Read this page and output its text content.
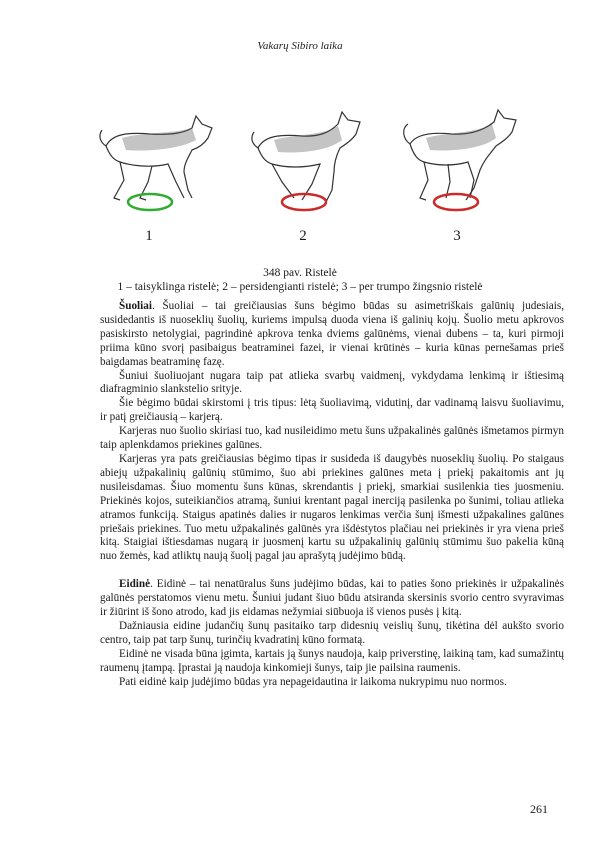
Vakarų Sibiro laika
1	2	3
348 pav. Ristelė
1 – taisyklinga ristelė; 2 – persidengianti ristelė; 3 – per trumpo žingsnio ristelė

Šuoliai. Šuoliai – tai greičiausias šuns bėgimo būdas su asimetriškais galūnių judesiais, susidedantis iš nuoseklių šuolių, kuriems impulsą duoda viena iš galinių kojų. Šuolio metu apkrovos pasiskirsto netolygiai, pagrindinė apkrova tenka dviems galūnėms, vienai dubens – ta, kuri pirmoji priima kūno svorį pasibaigus beatraminei fazei, ir vienai krūtinės – kuria kūnas pernešamas prieš baigdamas beatraminę fazę.

Šuniui šuoliuojant nugara taip pat atlieka svarbų vaidmenį, vykdydama lenkimą ir ištiesimą diafragminio slankstelio srityje.

Šie bėgimo būdai skirstomi į tris tipus: lėtą šuoliavimą, vidutinį, dar vadinamą laisvu šuoliavimu, ir patį greičiausią – karjerą.

Karjeras nuo šuolio skiriasi tuo, kad nusileidimo metu šuns užpakalinės galūnės išmetamos pirmyn taip aplenkdamos priekines galūnes.

Karjeras yra pats greičiausias bėgimo tipas ir susideda iš daugybės nuoseklių šuolių. Po staigaus abiejų užpakalinių galūnių stūmimo, šuo abi priekines galūnes meta į priekį pakaitomis ant jų nusileisdamas. Šiuo momentu šuns kūnas, skrendantis į priekį, smarkiai susilenkia ties juosmeniu. Priekinės kojos, suteikiančios atramą, šuniui krentant pagal inerciją pasilenka po šunimi, toliau atlieka atramos funkciją. Staigus apatinės dalies ir nugaros lenkimas verčia šunį išmesti užpakalines galūnes priešais priekines. Tuo metu užpakalinės galūnės yra išdėstytos plačiau nei priekinės ir yra viena prieš kitą. Staigiai ištiesdamas nugarą ir juosmenį kartu su užpakalinių galūnių stūmimu šuo pakelia kūną nuo žemės, kad atliktų naują šuolį pagal jau aprašytą judėjimo būdą.

Eidinė. Eidinė – tai nenatūralus šuns judėjimo būdas, kai to paties šono priekinės ir užpakalinės galūnės perstatomos vienu metu. Šuniui judant šiuo būdu atsiranda skersinis svorio centro svyravimas ir žiūrint iš šono atrodo, kad jis eidamas nežymiai siūbuoja iš vienos pusės į kitą.

Dažniausia eidine judančių šunų pasitaiko tarp didesnių veislių šunų, tikėtina dėl aukšto svorio centro, taip pat tarp šunų, turinčių kvadratinį kūno formatą.

Eidinė ne visada būna įgimta, kartais ją šunys naudoja, kaip priverstinę, laikiną tam, kad sumažintų raumenų įtampą. Įprastai ją naudoja kinkomieji šunys, taip jie pailsina raumenis.

Pati eidinė kaip judėjimo būdas yra nepageidautina ir laikoma nukrypimu nuo normos.

261
